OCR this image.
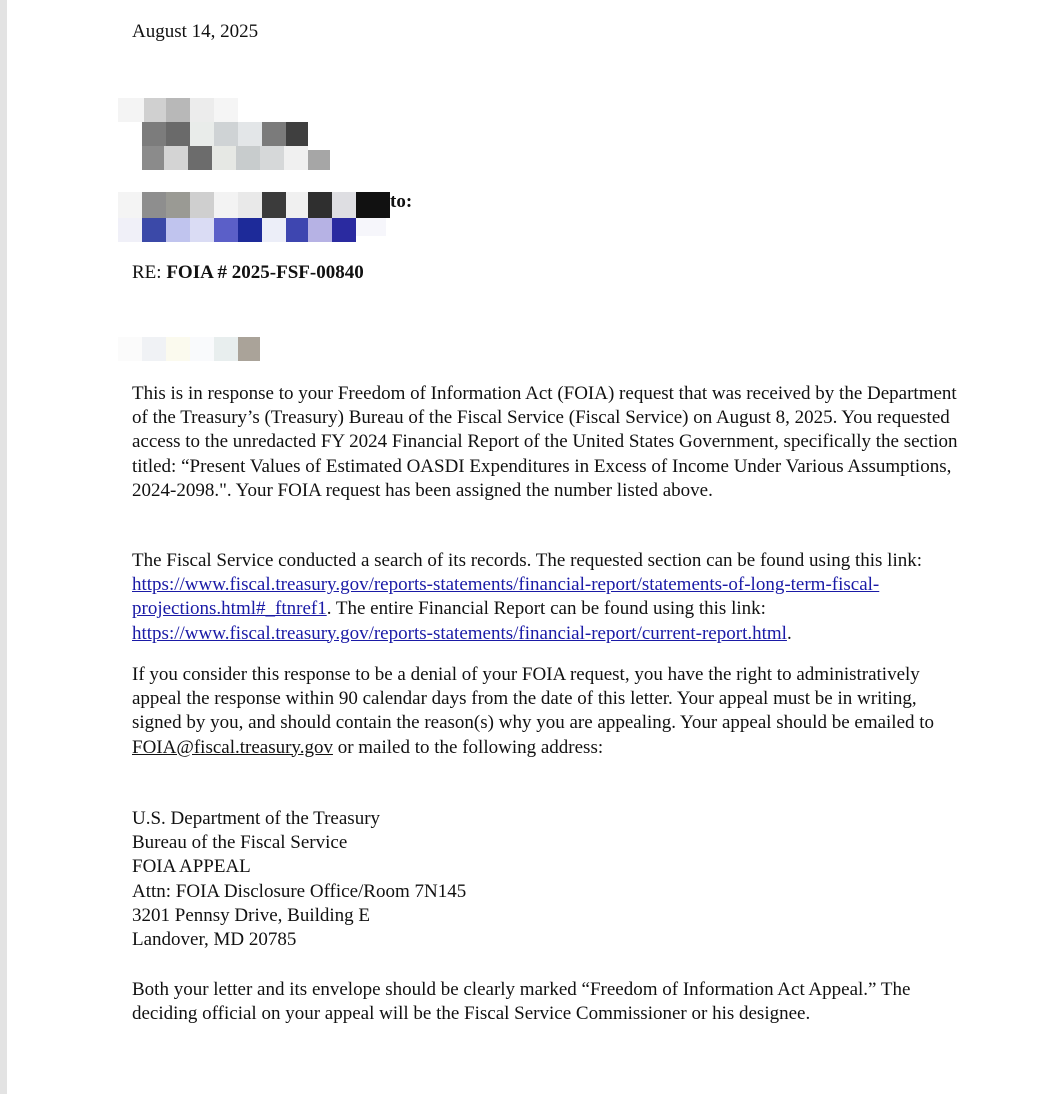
to:
August 14, 2025
RE: FOIA # 2025-FSF-00840
This is in response to your Freedom of Information Act (FOIA) request that was received by the Department of the Treasury’s (Treasury) Bureau of the Fiscal Service (Fiscal Service) on August 8, 2025. You requested access to the unredacted FY 2024 Financial Report of the United States Government, specifically the section titled: “Present Values of Estimated OASDI Expenditures in Excess of Income Under Various Assumptions, 2024-2098.". Your FOIA request has been assigned the number listed above.
The Fiscal Service conducted a search of its records. The requested section can be found using this link: https://www.fiscal.treasury.gov/reports-statements/financial-report/statements-of-long-term-fiscal-projections.html#_ftnref1. The entire Financial Report can be found using this link: https://www.fiscal.treasury.gov/reports-statements/financial-report/current-report.html.
If you consider this response to be a denial of your FOIA request, you have the right to administratively appeal the response within 90 calendar days from the date of this letter. Your appeal must be in writing, signed by you, and should contain the reason(s) why you are appealing. Your appeal should be emailed to FOIA@fiscal.treasury.gov or mailed to the following address:
U.S. Department of the Treasury
Bureau of the Fiscal Service
FOIA APPEAL
Attn: FOIA Disclosure Office/Room 7N145
3201 Pennsy Drive, Building E
Landover, MD 20785
Both your letter and its envelope should be clearly marked “Freedom of Information Act Appeal.” The deciding official on your appeal will be the Fiscal Service Commissioner or his designee.
